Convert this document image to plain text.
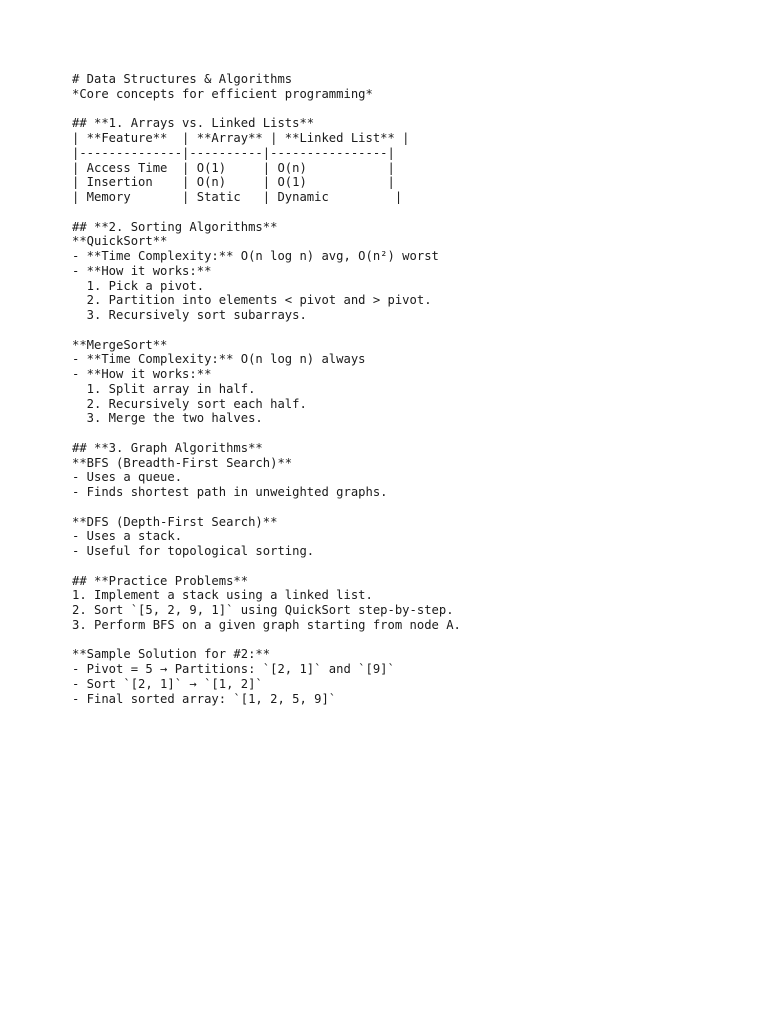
# Data Structures & Algorithms
*Core concepts for efficient programming*
## **1. Arrays vs. Linked Lists**
| **Feature**  | **Array** | **Linked List** |
|--------------|----------|----------------|
| Access Time  | O(1)     | O(n)           |
| Insertion    | O(n)     | O(1)           |
| Memory       | Static   | Dynamic         |
## **2. Sorting Algorithms**
**QuickSort**
- **Time Complexity:** O(n log n) avg, O(n²) worst
- **How it works:**
1. Pick a pivot.
2. Partition into elements < pivot and > pivot.
3. Recursively sort subarrays.
**MergeSort**
- **Time Complexity:** O(n log n) always
- **How it works:**
1. Split array in half.
2. Recursively sort each half.
3. Merge the two halves.
## **3. Graph Algorithms**
**BFS (Breadth-First Search)**
- Uses a queue.
- Finds shortest path in unweighted graphs.
**DFS (Depth-First Search)**
- Uses a stack.
- Useful for topological sorting.
## **Practice Problems**
1. Implement a stack using a linked list.
2. Sort `[5, 2, 9, 1]` using QuickSort step-by-step.
3. Perform BFS on a given graph starting from node A.
**Sample Solution for #2:**
- Pivot = 5 → Partitions: `[2, 1]` and `[9]`
- Sort `[2, 1]` → `[1, 2]`
- Final sorted array: `[1, 2, 5, 9]`
